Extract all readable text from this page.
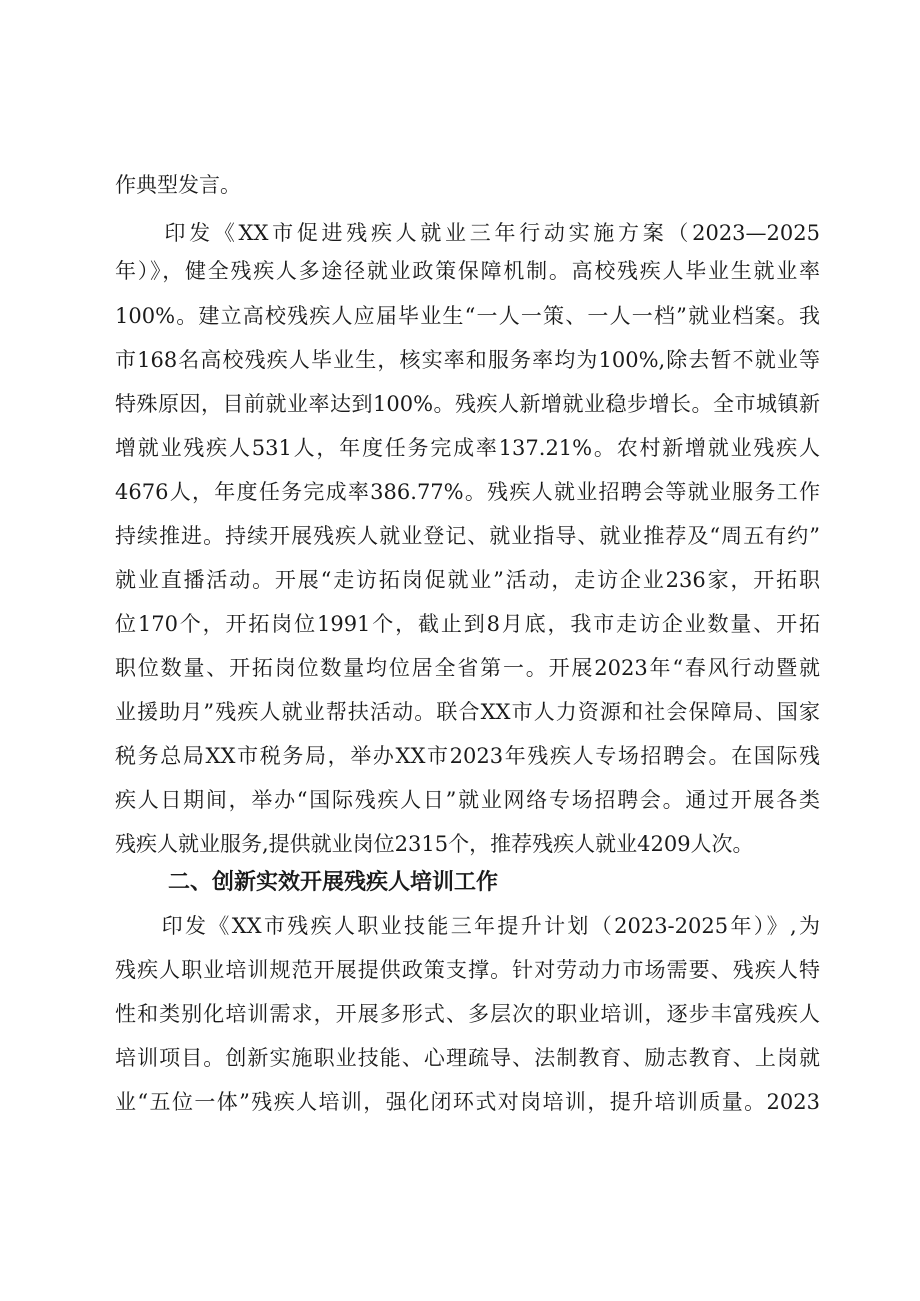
作典型发言。
　　印发《XX市促进残疾人就业三年行动实施方案（2023—2025
年）》，健全残疾人多途径就业政策保障机制。高校残疾人毕业生就业率
100%。建立高校残疾人应届毕业生“一人一策、一人一档”就业档案。我
市168名高校残疾人毕业生，核实率和服务率均为100%,除去暂不就业等
特殊原因，目前就业率达到100%。残疾人新增就业稳步增长。全市城镇新
增就业残疾人531人，年度任务完成率137.21%。农村新增就业残疾人
4676人，年度任务完成率386.77%。残疾人就业招聘会等就业服务工作
持续推进。持续开展残疾人就业登记、就业指导、就业推荐及“周五有约”
就业直播活动。开展“走访拓岗促就业”活动，走访企业236家，开拓职
位170个，开拓岗位1991个，截止到8月底，我市走访企业数量、开拓
职位数量、开拓岗位数量均位居全省第一。开展2023年“春风行动暨就
业援助月”残疾人就业帮扶活动。联合XX市人力资源和社会保障局、国家
税务总局XX市税务局，举办XX市2023年残疾人专场招聘会。在国际残
疾人日期间，举办“国际残疾人日”就业网络专场招聘会。通过开展各类
残疾人就业服务,提供就业岗位2315个，推荐残疾人就业4209人次。
二、创新实效开展残疾人培训工作
　　印发《XX市残疾人职业技能三年提升计划（2023-2025年）》,为
残疾人职业培训规范开展提供政策支撑。针对劳动力市场需要、残疾人特
性和类别化培训需求，开展多形式、多层次的职业培训，逐步丰富残疾人
培训项目。创新实施职业技能、心理疏导、法制教育、励志教育、上岗就
业“五位一体”残疾人培训，强化闭环式对岗培训，提升培训质量。2023
